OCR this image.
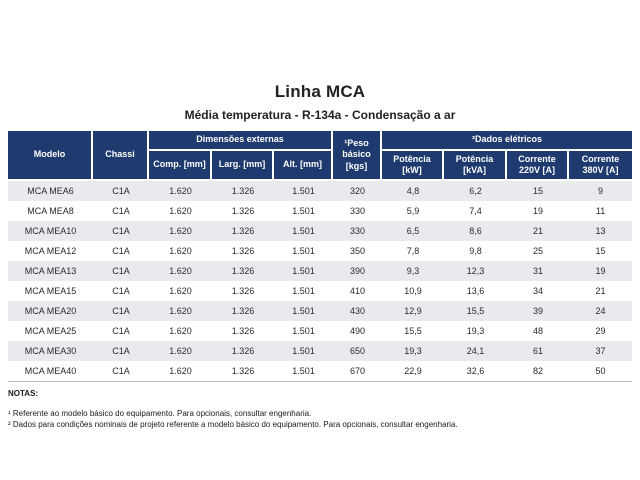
Linha MCA
Média temperatura - R-134a - Condensação a ar
Modelo	Chassi	Dimensões externas			¹Peso básico [kgs]	²Dados elétricos			
		Comp. [mm]	Larg. [mm]	Alt. [mm]		Potência [kW]	Potência [kVA]	Corrente 220V [A]	Corrente 380V [A]
MCA MEA6	C1A	1.620	1.326	1.501	320	4,8	6,2	15	9
MCA MEA8	C1A	1.620	1.326	1.501	330	5,9	7,4	19	11
MCA MEA10	C1A	1.620	1.326	1.501	330	6,5	8,6	21	13
MCA MEA12	C1A	1.620	1.326	1.501	350	7,8	9,8	25	15
MCA MEA13	C1A	1.620	1.326	1.501	390	9,3	12,3	31	19
MCA MEA15	C1A	1.620	1.326	1.501	410	10,9	13,6	34	21
MCA MEA20	C1A	1.620	1.326	1.501	430	12,9	15,5	39	24
MCA MEA25	C1A	1.620	1.326	1.501	490	15,5	19,3	48	29
MCA MEA30	C1A	1.620	1.326	1.501	650	19,3	24,1	61	37
MCA MEA40	C1A	1.620	1.326	1.501	670	22,9	32,6	82	50

NOTAS:

¹ Referente ao modelo básico do equipamento. Para opcionais, consultar engenharia.

² Dados para condições nominais de projeto referente a modelo básico do equipamento. Para opcionais, consultar engenharia.
